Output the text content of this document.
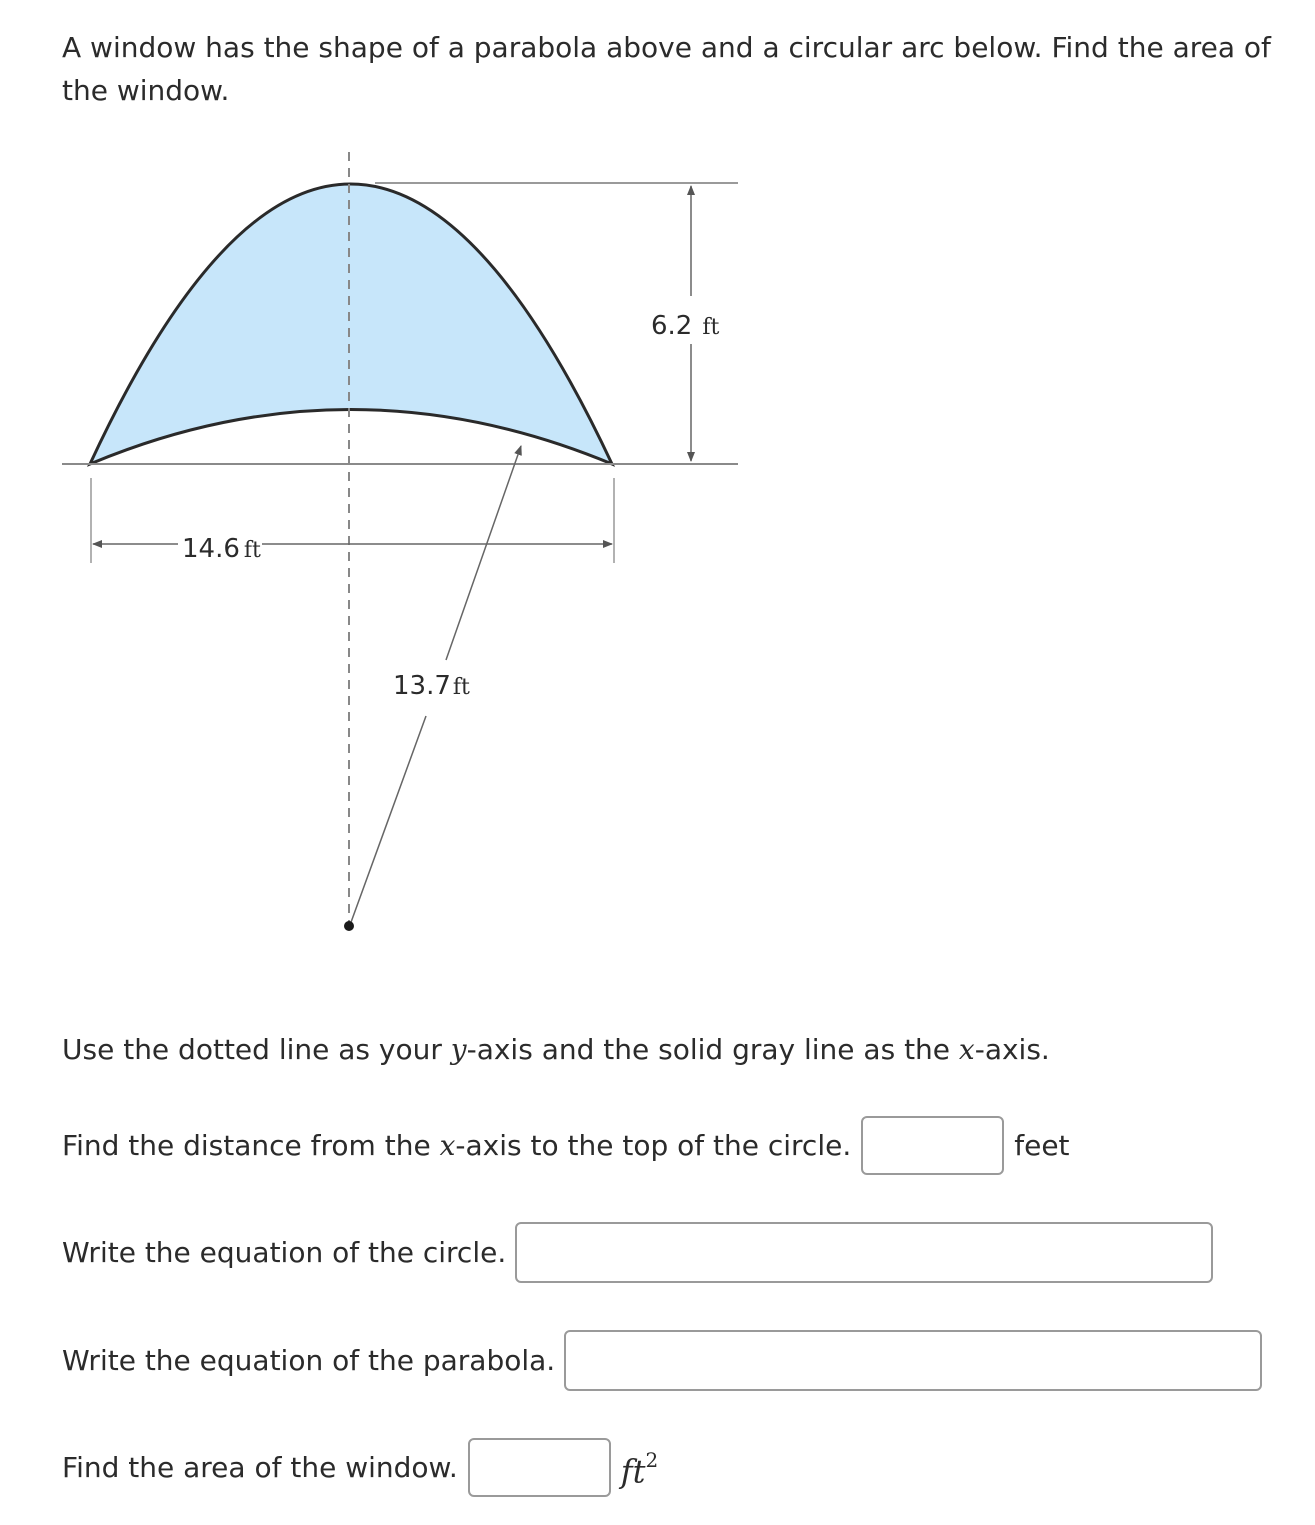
A window has the shape of a parabola above and a circular arc below. Find the area of the window.

6.2 ft
14.6 ft
13.7ft
Use the dotted line as your y-axis and the solid gray line as the x-axis.
Find the distance from the x-axis to the top of the circle.	feet
Write the equation of the circle.
Write the equation of the parabola.
Find the area of the window.	$ft^2$
